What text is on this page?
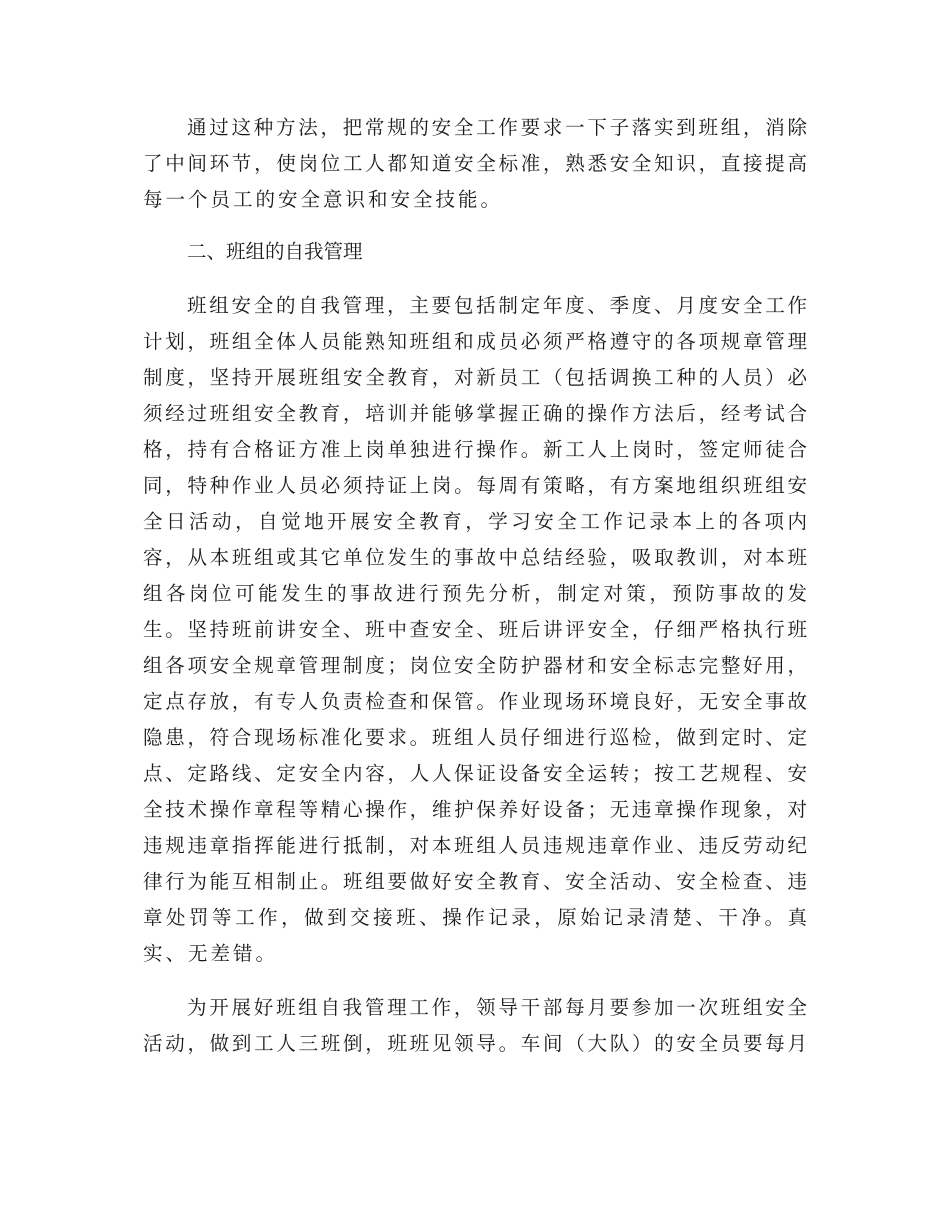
通过这种方法，把常规的安全工作要求一下子落实到班组，消除

了中间环节，使岗位工人都知道安全标准，熟悉安全知识，直接提高

每一个员工的安全意识和安全技能。

二、班组的自我管理

班组安全的自我管理，主要包括制定年度、季度、月度安全工作

计划，班组全体人员能熟知班组和成员必须严格遵守的各项规章管理

制度，坚持开展班组安全教育，对新员工（包括调换工种的人员）必

须经过班组安全教育，培训并能够掌握正确的操作方法后，经考试合

格，持有合格证方准上岗单独进行操作。新工人上岗时，签定师徒合

同，特种作业人员必须持证上岗。每周有策略，有方案地组织班组安

全日活动，自觉地开展安全教育，学习安全工作记录本上的各项内

容，从本班组或其它单位发生的事故中总结经验，吸取教训，对本班

组各岗位可能发生的事故进行预先分析，制定对策，预防事故的发

生。坚持班前讲安全、班中查安全、班后讲评安全，仔细严格执行班

组各项安全规章管理制度；岗位安全防护器材和安全标志完整好用，

定点存放，有专人负责检查和保管。作业现场环境良好，无安全事故

隐患，符合现场标准化要求。班组人员仔细进行巡检，做到定时、定

点、定路线、定安全内容，人人保证设备安全运转；按工艺规程、安

全技术操作章程等精心操作，维护保养好设备；无违章操作现象，对

违规违章指挥能进行抵制，对本班组人员违规违章作业、违反劳动纪

律行为能互相制止。班组要做好安全教育、安全活动、安全检查、违

章处罚等工作，做到交接班、操作记录，原始记录清楚、干净。真

实、无差错。

为开展好班组自我管理工作，领导干部每月要参加一次班组安全

活动，做到工人三班倒，班班见领导。车间（大队）的安全员要每月
